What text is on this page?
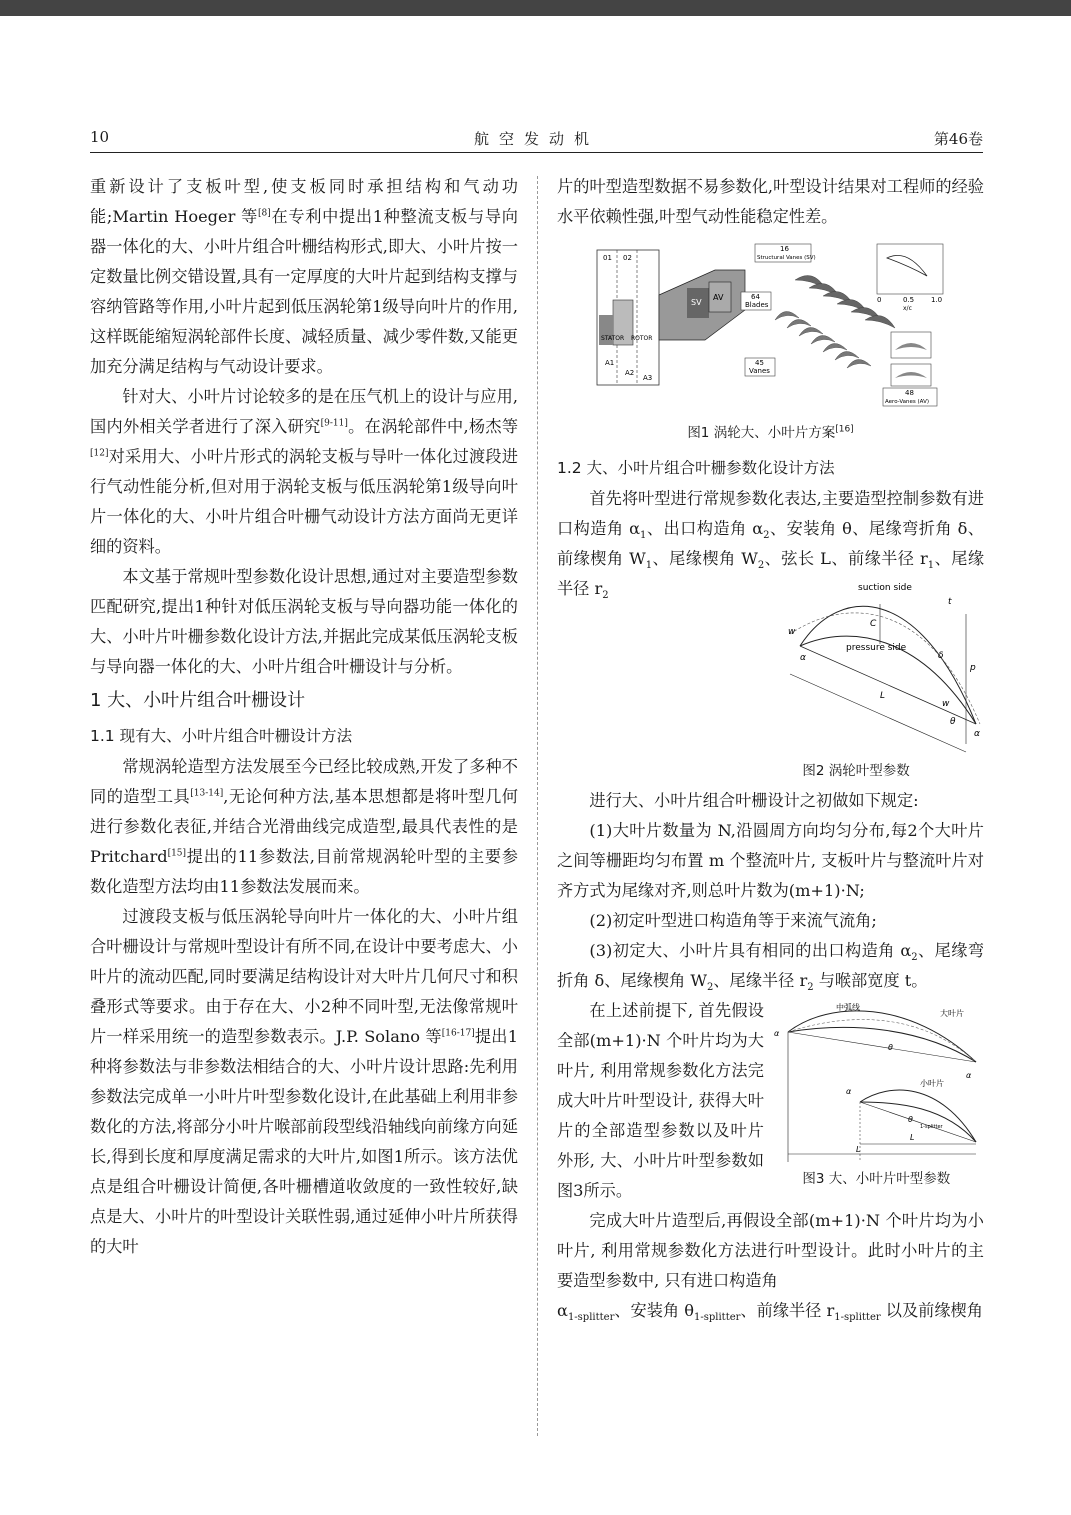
10	航空发动机	第46卷

重新设计了支板叶型,使支板同时承担结构和气动功能;Martin Hoeger 等[8]在专利中提出1种整流支板与导向器一体化的大、小叶片组合叶栅结构形式,即大、小叶片按一定数量比例交错设置,具有一定厚度的大叶片起到结构支撑与容纳管路等作用,小叶片起到低压涡轮第1级导向叶片的作用,这样既能缩短涡轮部件长度、减轻质量、减少零件数,又能更加充分满足结构与气动设计要求。

针对大、小叶片讨论较多的是在压气机上的设计与应用,国内外相关学者进行了深入研究[9-11]。在涡轮部件中,杨杰等[12]对采用大、小叶片形式的涡轮支板与导叶一体化过渡段进行气动性能分析,但对用于涡轮支板与低压涡轮第1级导向叶片一体化的大、小叶片组合叶栅气动设计方法方面尚无更详细的资料。

本文基于常规叶型参数化设计思想,通过对主要造型参数匹配研究,提出1种针对低压涡轮支板与导向器功能一体化的大、小叶片叶栅参数化设计方法,并据此完成某低压涡轮支板与导向器一体化的大、小叶片组合叶栅设计与分析。

1 大、小叶片组合叶栅设计
1.1 现有大、小叶片组合叶栅设计方法

常规涡轮造型方法发展至今已经比较成熟,开发了多种不同的造型工具[13-14],无论何种方法,基本思想都是将叶型几何进行参数化表征,并结合光滑曲线完成造型,最具代表性的是 Pritchard[15]提出的11参数法,目前常规涡轮叶型的主要参数化造型方法均由11参数法发展而来。

过渡段支板与低压涡轮导向叶片一体化的大、小叶片组合叶栅设计与常规叶型设计有所不同,在设计中要考虑大、小叶片的流动匹配,同时要满足结构设计对大叶片几何尺寸和积叠形式等要求。由于存在大、小2种不同叶型,无法像常规叶片一样采用统一的造型参数表示。J.P. Solano 等[16-17]提出1种将参数法与非参数法相结合的大、小叶片设计思路:先利用参数法完成单一小叶片叶型参数化设计,在此基础上利用非参数化的方法,将部分小叶片喉部前段型线沿轴线向前缘方向延长,得到长度和厚度满足需求的大叶片,如图1所示。该方法优点是组合叶栅设计简便,各叶栅槽道收敛度的一致性较好,缺点是大、小叶片的叶型设计关联性弱,通过延伸小叶片所获得的大叶

片的叶型造型数据不易参数化,叶型设计结果对工程师的经验水平依赖性强,叶型气动性能稳定性差。

01 02
STATOR ROTOR
A1
A2
A3
SV
AV
16
Structural Vanes (SV)
64
Blades
45
Vanes
48
Aero-Vanes (AV)
0	0.5 1.0
x/c
图1 涡轮大、小叶片方案[16]
1.2 大、小叶片组合叶栅参数化设计方法

首先将叶型进行常规参数化表达,主要造型控制参数有进口构造角 $\alpha_1$、出口构造角 $\alpha_2$、安装角 θ、尾缘弯折角 δ、前缘楔角 $W_1$、尾缘楔角 $W_2$、弦长 L、前缘半径 $r_1$、尾缘半径 $r_2$
suction side
pressure side
C
t
p
δ
w
w
L
θ
α
α
图2 涡轮叶型参数

进行大、小叶片组合叶栅设计之初做如下规定:

(1)大叶片数量为 N,沿圆周方向均匀分布,每2个大叶片之间等栅距均匀布置 m 个整流叶片, 支板叶片与整流叶片对齐方式为尾缘对齐,则总叶片数为(m+1)·N;

(2)初定叶型进口构造角等于来流气流角;

(3)初定大、小叶片具有相同的出口构造角 $\alpha_2$、尾缘弯折角 δ、尾缘楔角 $W_2$、尾缘半径 $r_2$ 与喉部宽度 t。

中弧线
大叶片
小叶片
α
α
θ
α
θ
L
L
1-splitter
图3 大、小叶片叶型参数
在上述前提下, 首先假设全部(m+1)·N 个叶片均为大叶片, 利用常规参数化方法完成大叶片叶型设计, 获得大叶片的全部造型参数以及叶片外形, 大、小叶片叶型参数如图3所示。

完成大叶片造型后,再假设全部(m+1)·N 个叶片均为小叶片, 利用常规参数化方法进行叶型设计。此时小叶片的主要造型参数中, 只有进口构造角

$\alpha_{1-splitter}$、安装角 $\theta_{1-splitter}$、前缘半径 $r_{1-splitter}$ 以及前缘楔角
